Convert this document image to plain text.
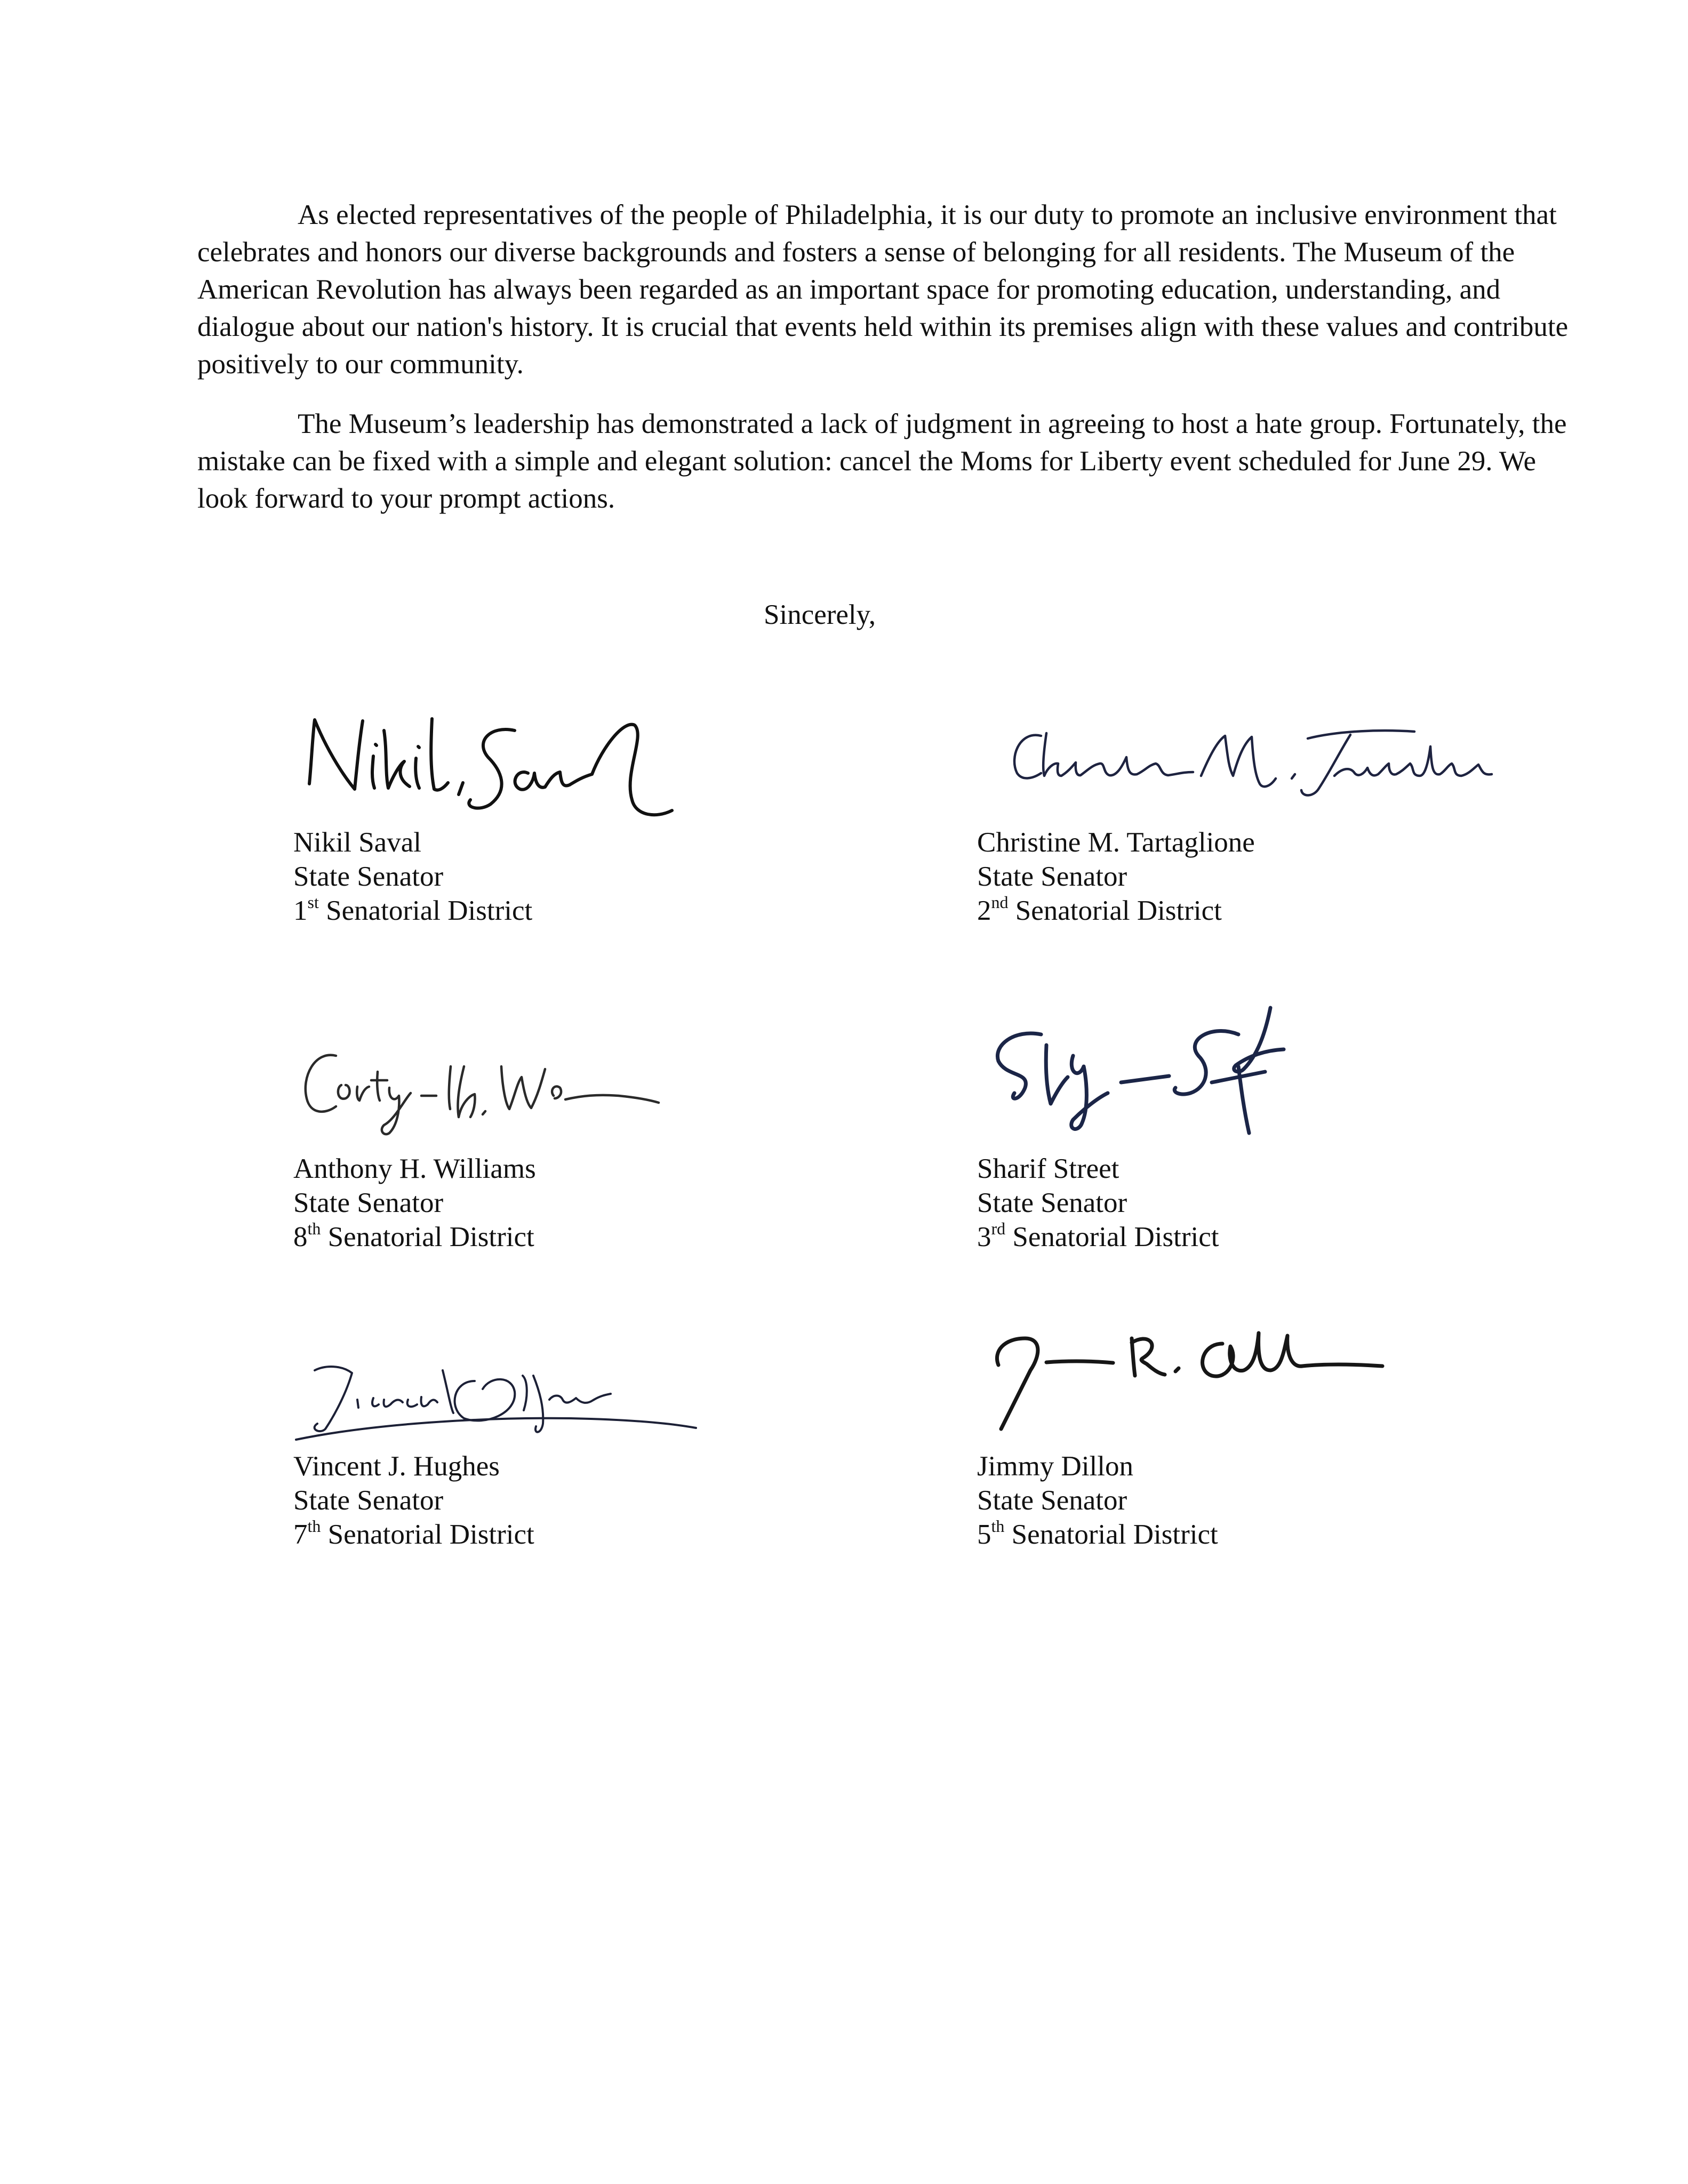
As elected representatives of the people of Philadelphia, it is our duty to promote an inclusive environment that celebrates and honors our diverse backgrounds and fosters a sense of belonging for all residents. The Museum of the American Revolution has always been regarded as an important space for promoting education, understanding, and dialogue about our nation's history. It is crucial that events held within its premises align with these values and contribute positively to our community.

The Museum’s leadership has demonstrated a lack of judgment in agreeing to host a hate group. Fortunately, the mistake can be fixed with a simple and elegant solution: cancel the Moms for Liberty event scheduled for June 29. We look forward to your prompt actions.

Sincerely,
Nikil Saval
State Senator
1st Senatorial District
Christine M. Tartaglione
State Senator
2nd Senatorial District
Anthony H. Williams
State Senator
8th Senatorial District
Sharif Street
State Senator
3rd Senatorial District
Vincent J. Hughes
State Senator
7th Senatorial District
Jimmy Dillon
State Senator
5th Senatorial District
